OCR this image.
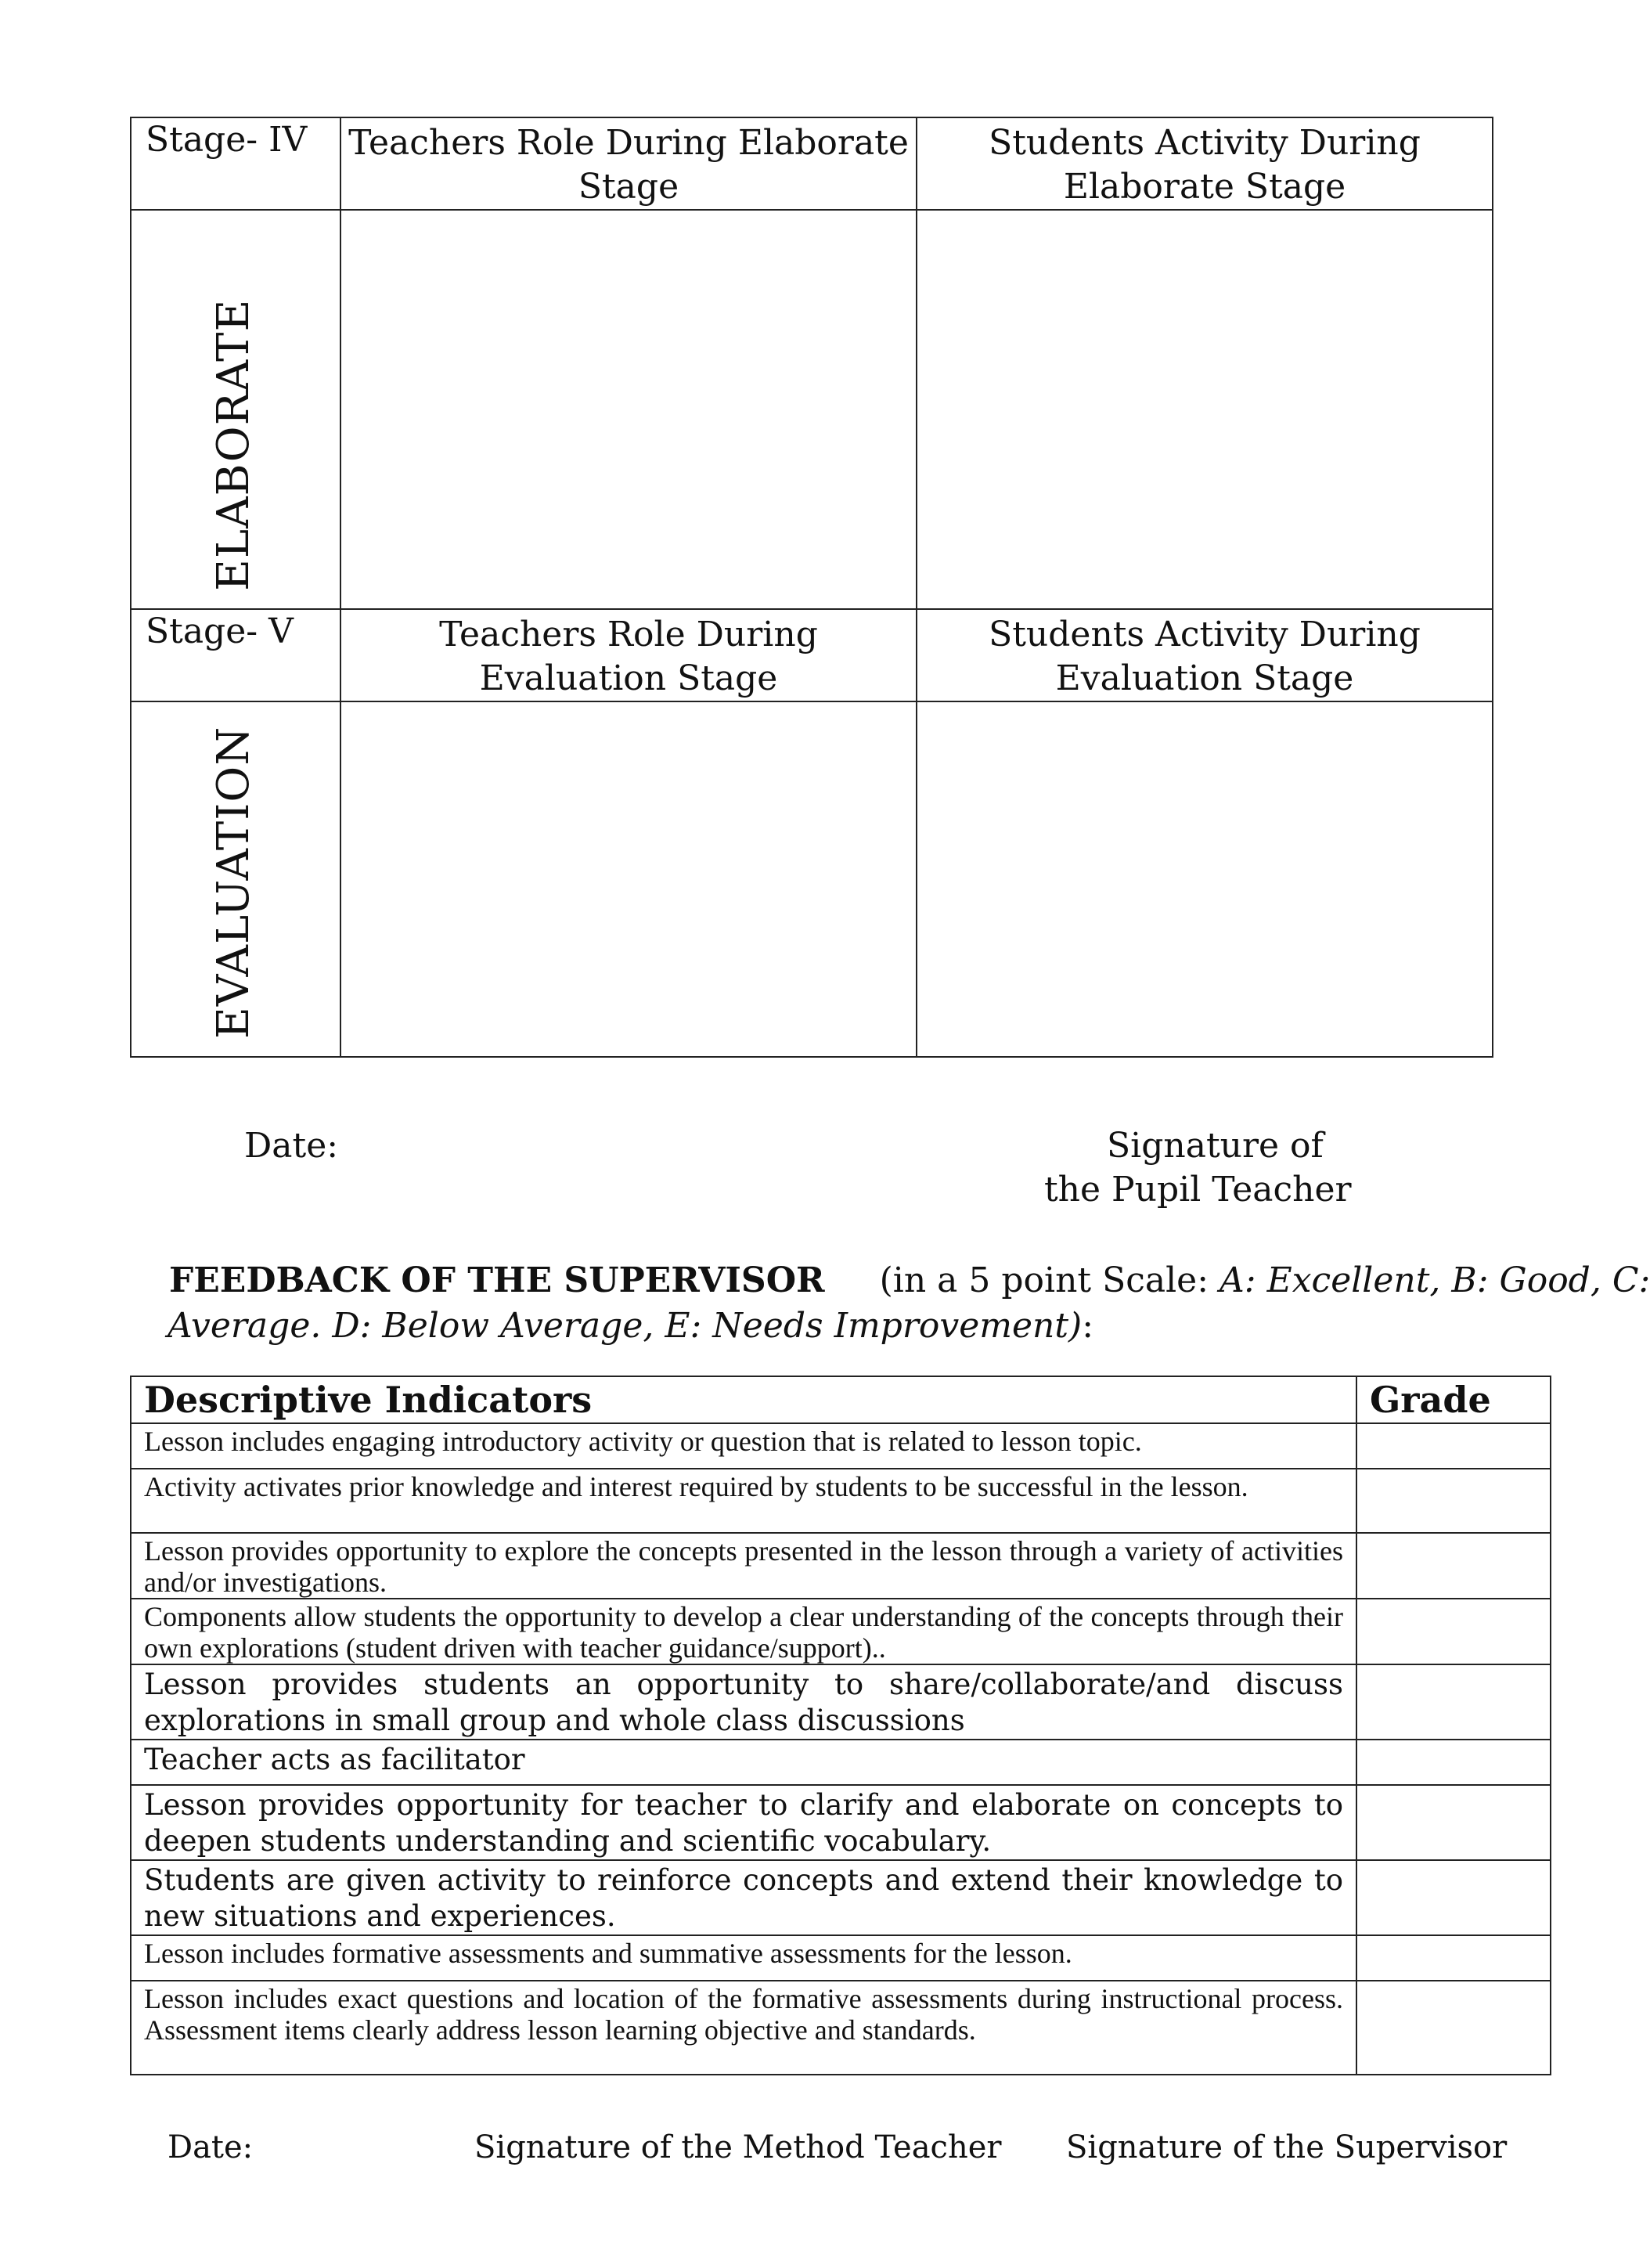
Stage- IV	Teachers Role During Elaborate Stage	Students Activity During Elaborate Stage

ELABORATE		

Stage- V	Teachers Role During Evaluation Stage	Students Activity During Evaluation Stage

EVALUATION		

Date:	Signature of
the Pupil Teacher
FEEDBACK OF THE SUPERVISOR (in a 5 point Scale: A: Excellent, B: Good, C:
Average. D: Below Average, E: Needs Improvement):
Descriptive Indicators	Grade
Lesson includes engaging introductory activity or question that is related to lesson topic.	
Activity activates prior knowledge and interest required by students to be successful in the lesson.	
Lesson provides opportunity to explore the concepts presented in the lesson through a variety of activities and/or investigations.	
Components allow students the opportunity to develop a clear understanding of the concepts through their own explorations (student driven with teacher guidance/support)..	
Lesson provides students an opportunity to share/collaborate/and discuss explorations in small group and whole class discussions	
Teacher acts as facilitator	
Lesson provides opportunity for teacher to clarify and elaborate on concepts to deepen students understanding and scientific vocabulary.	
Students are given activity to reinforce concepts and extend their knowledge to new situations and experiences.	
Lesson includes formative assessments and summative assessments for the lesson.	
Lesson includes exact questions and location of the formative assessments during instructional process. Assessment items clearly address lesson learning objective and standards.	
Date:	Signature of the Method Teacher Signature of the Supervisor
